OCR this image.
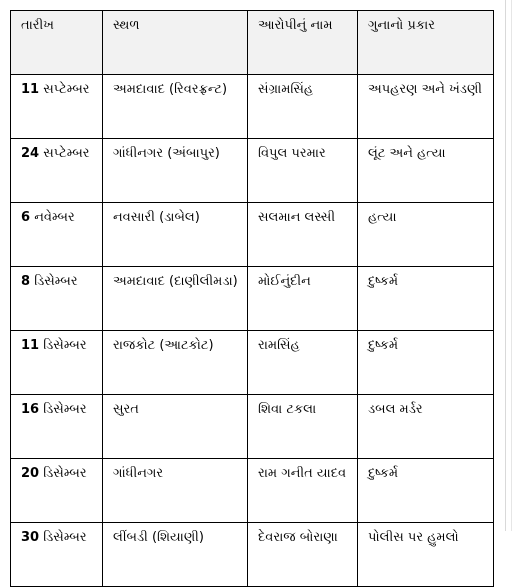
તારીખ	સ્થળ	આરોપીનું નામ	ગુનાનો પ્રકાર
11 સપ્ટેમ્બર	અમદાવાદ (રિવરફ્રન્ટ)	સંગ્રામસિંહ	અપહરણ અને ખંડણી
24 સપ્ટેમ્બર	ગાંધીનગર (અંબાપુર)	વિપુલ પરમાર	લૂંટ અને હત્યા
6 નવેમ્બર	નવસારી (ડાબેલ)	સલમાન લસ્સી	હત્યા
8 ડિસેમ્બર	અમદાવાદ (દાણીલીમડા)	મોઈનુંદીન	દુષ્કર્મ
11 ડિસેમ્બર	રાજકોટ (આટકોટ)	રામસિંહ	દુષ્કર્મ
16 ડિસેમ્બર	સુરત	શિવા ટકલા	ડબલ મર્ડર
20 ડિસેમ્બર	ગાંધીનગર	રામ ગનીત યાદવ	દુષ્કર્મ
30 ડિસેમ્બર	લીંબડી (શિયાણી)	દેવરાજ બોરાણા	પોલીસ પર હુમલો
